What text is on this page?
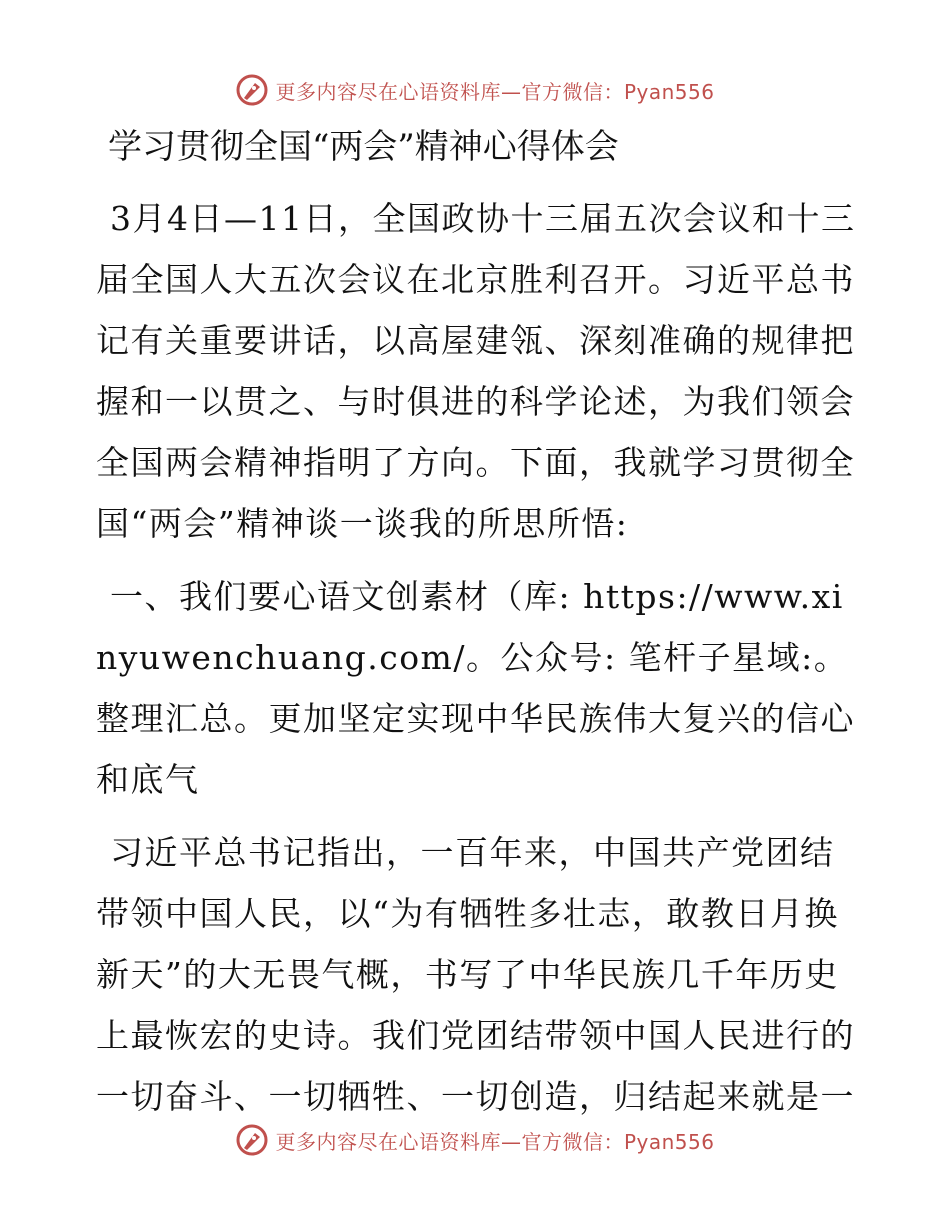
更多内容尽在心语资料库—官方微信：Pyan556
学习贯彻全国“两会”精神心得体会

3月4日—11日，全国政协十三届五次会议和十三届全国人大五次会议在北京胜利召开。习近平总书记有关重要讲话，以高屋建瓴、深刻准确的规律把握和一以贯之、与时俱进的科学论述，为我们领会全国两会精神指明了方向。下面，我就学习贯彻全国“两会”精神谈一谈我的所思所悟:

一、我们要心语文创素材（库: https://www.xinyuwenchuang.com/。公众号: 笔杆子星域:。整理汇总。更加坚定实现中华民族伟大复兴的信心和底气

习近平总书记指出，一百年来，中国共产党团结带领中国人民，以“为有牺牲多壮志，敢教日月换新天”的大无畏气概，书写了中华民族几千年历史上最恢宏的史诗。我们党团结带领中国人民进行的一切奋斗、一切牺牲、一切创造，归结起来就是一

更多内容尽在心语资料库—官方微信：Pyan556
